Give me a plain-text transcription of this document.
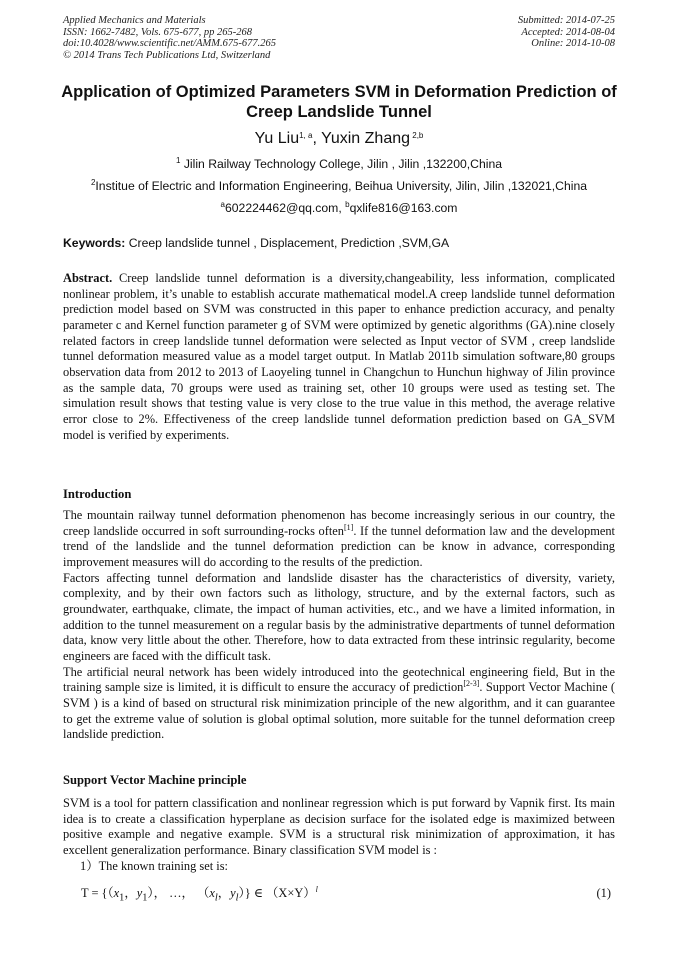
Applied Mechanics and Materials
ISSN: 1662-7482, Vols. 675-677, pp 265-268
doi:10.4028/www.scientific.net/AMM.675-677.265
© 2014 Trans Tech Publications Ltd, Switzerland
Submitted: 2014-07-25
Accepted: 2014-08-04
Online: 2014-10-08
Application of Optimized Parameters SVM in Deformation Prediction of Creep Landslide Tunnel
Yu Liu$^{1, a}$, Yuxin Zhang $^{2,b}$
$^1$ Jilin Railway Technology College, Jilin , Jilin ,132200,China
$^2$Institue of Electric and Information Engineering, Beihua University, Jilin, Jilin ,132021,China
$^a$602224462@qq.com, $^b$qxlife816@163.com
Keywords: Creep landslide tunnel , Displacement, Prediction ,SVM,GA

Abstract. Creep landslide tunnel deformation is a diversity,changeability, less information, complicated nonlinear problem, it’s unable to establish accurate mathematical model.A creep landslide tunnel deformation prediction model based on SVM was constructed in this paper to enhance prediction accuracy, and penalty parameter c and Kernel function parameter g of SVM were optimized by genetic algorithms (GA).nine closely related factors in creep landslide tunnel deformation were selected as Input vector of SVM , creep landslide tunnel deformation measured value as a model target output. In Matlab 2011b simulation software,80 groups observation data from 2012 to 2013 of Laoyeling tunnel in Changchun to Hunchun highway of Jilin province as the sample data, 70 groups were used as training set, other 10 groups were used as testing set. The simulation result shows that testing value is very close to the true value in this method, the average relative error close to 2%. Effectiveness of the creep landslide tunnel deformation prediction based on GA_SVM model is verified by experiments.

Introduction

The mountain railway tunnel deformation phenomenon has become increasingly serious in our country, the creep landslide occurred in soft surrounding-rocks often[1]. If the tunnel deformation law and the development trend of the landslide and the tunnel deformation prediction can be know in advance, corresponding improvement measures will do according to the results of the prediction.

Factors affecting tunnel deformation and landslide disaster has the characteristics of diversity, variety, complexity, and by their own factors such as lithology, structure, and by the external factors, such as groundwater, earthquake, climate, the impact of human activities, etc., and we have a limited information, in addition to the tunnel measurement on a regular basis by the administrative departments of tunnel deformation data, know very little about the other. Therefore, how to data extracted from these intrinsic regularity, become engineers are faced with the difficult task.

The artificial neural network has been widely introduced into the geotechnical engineering field, But in the training sample size is limited, it is difficult to ensure the accuracy of prediction[2-3]. Support Vector Machine ( SVM ) is a kind of based on structural risk minimization principle of the new algorithm, and it can guarantee to get the extreme value of solution is global optimal solution, more suitable for the tunnel deformation creep landslide prediction.

Support Vector Machine principle

SVM is a tool for pattern classification and nonlinear regression which is put forward by Vapnik first. Its main idea is to create a classification hyperplane as decision surface for the isolated edge is maximized between positive example and negative example. SVM is a structural risk minimization of approximation, it has excellent generalization performance. Binary classification SVM model is :

1）The known training set is:

$T = \{(x_1$，$y_1$）， …， （$x_l$，$y_l$）} ∈ $(X\times Y)^l$	(1)
